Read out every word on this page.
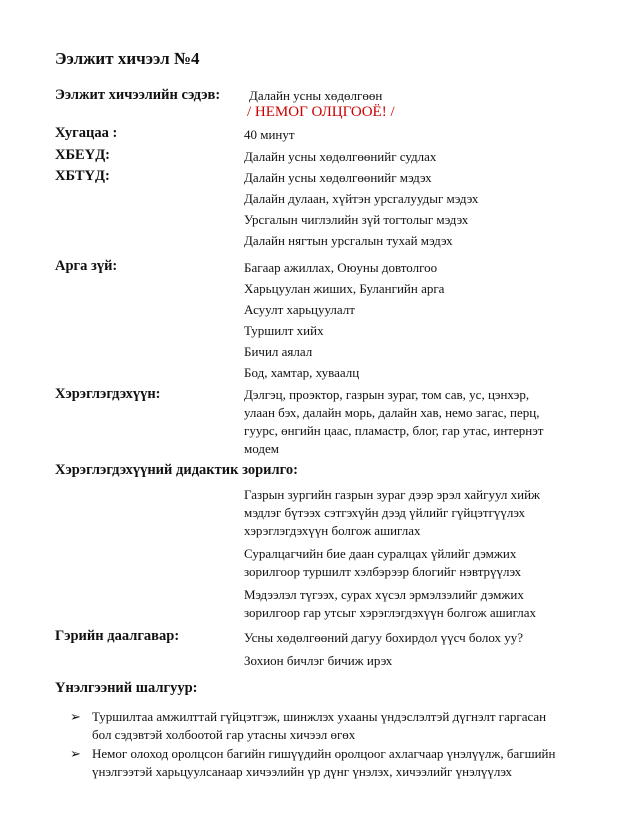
Ээлжит хичээл №4
Ээлжит хичээлийн сэдэв: Далайн усны хөдөлгөөн
/ НЕМОГ ОЛЦГООЁ! /
Хугацаа :	40 минут
ХБЕҮД:	Далайн усны хөдөлгөөнийг судлах
ХБТҮД:	Далайн усны хөдөлгөөнийг мэдэх
Далайн дулаан, хүйтэн урсгалуудыг мэдэх
Урсгалын чиглэлийн зүй тогтолыг мэдэх
Далайн нягтын урсгалын тухай мэдэх
Арга зүй:	Багаар ажиллах, Оюуны довтолгоо
Харьцуулан жиших, Булангийн арга
Асуулт харьцуулалт
Туршилт хийх
Бичил аялал
Бод, хамтар, хуваалц
Хэрэглэгдэхүүн:	Дэлгэц, проэктор, газрын зураг, том сав, ус, цэнхэр,
улаан бэх, далайн морь, далайн хав, немо загас, перц,
гуурс, өнгийн цаас, пламастр, блог, гар утас, интернэт
модем
Хэрэглэгдэхүүний дидактик зорилго:
Газрын зургийн газрын зураг дээр эрэл хайгуул хийж
мэдлэг бүтээх сэтгэхүйн дээд үйлийг гүйцэтгүүлэх
хэрэглэгдэхүүн болгож ашиглах
Суралцагчийн бие даан суралцах үйлийг дэмжих
зорилгоор туршилт хэлбэрээр блогийг нэвтрүүлэх
Мэдээлэл түгээх, сурах хүсэл эрмэлзэлийг дэмжих
зорилгоор гар утсыг хэрэглэгдэхүүн болгож ашиглах
Гэрийн даалгавар:	Усны хөдөлгөөний дагуу бохирдол үүсч болох уу?
Зохион бичлэг бичиж ирэх
Үнэлгээний шалгуур:
➢ Туршилтаа амжилттай гүйцэтгэж, шинжлэх ухааны үндэслэлтэй дүгнэлт гаргасан
бол сэдэвтэй холбоотой гар утасны хичээл өгөх
➢ Немог олоход оролцсон багийн гишүүдийн оролцоог ахлагчаар үнэлүүлж, багшийн
үнэлгээтэй харьцуулсанаар хичээлийн үр дүнг үнэлэх, хичээлийг үнэлүүлэх
